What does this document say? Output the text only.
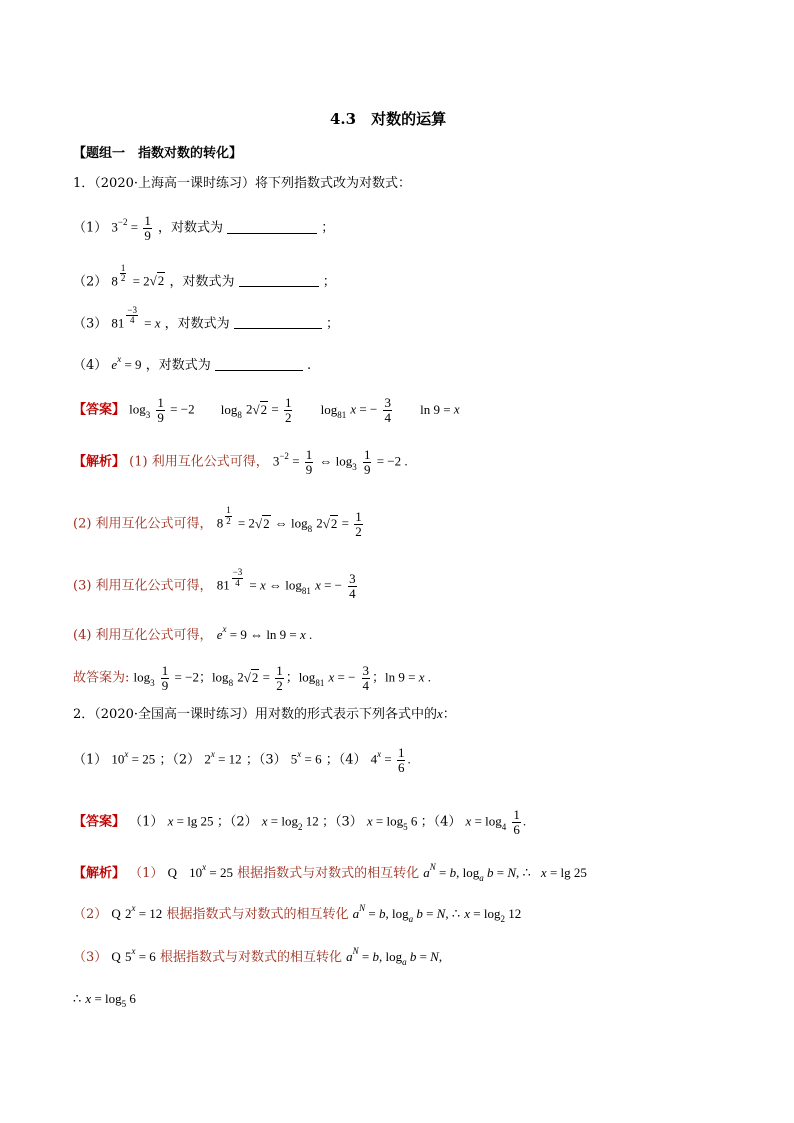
4.3　对数的运算
【题组一　指数对数的转化】
1．（2020·上海高一课时练习）将下列指数式改为对数式：
（1） $3^{-2} = \frac{1}{9}$ ，对数式为	；
（2） $8 \frac{1}{2} = 2√2$ ，对数式为	；
（3） $81 \frac{-3}{4} = x$ ，对数式为	；
（4） $e^x = 9$ ，对数式为	.
【答案】 $\log_3 \frac{1}{9} = -2$ $\log_8 2√2 = \frac{1}{2} \log_{81} x$ = − $\frac{3}{4}$ ln 9 = x
【解析】 (1) 利用互化公式可得， $3^{-2} = \frac{1}{9}$ ⇔ $\log_3 \frac{1}{9} = -2$ .
(2) 利用互化公式可得， $8 \frac{1}{2} = 2√2$ ⇔ $\log_8 2√2 = \frac{1}{2}$
(3) 利用互化公式可得， $81 \frac{-3}{4} = x$ ⇔ $\log_{81} x$ = − $\frac{3}{4}$
(4) 利用互化公式可得， $e^x = 9$ ⇔ ln 9 = x .
故答案为: $\log_3 \frac{1}{9} = -2$；$\log_8 2√2 = \frac{1}{2}$ ；$\log_{81} x$ = − $\frac{3}{4}$ ；ln 9 = x .
2．（2020·全国高一课时练习）用对数的形式表示下列各式中的x：
（1） $10^x = 25$ ；（2） $2^x = 12$ ；（3） $5^x = 6$ ；（4） $4^x = \frac{1}{6}$ .
【答案】 （1） x = lg 25 ；（2） $x = \log_2 12$ ；（3） $x = \log_5 6$ ；（4） $x = \log_4 \frac{1}{6}$ .
【解析】 （1） Q $10^x = 25$ 根据指数式与对数式的相互转化 $a^N = b$, $\log_a b = N$, ∴ x = lg 25
（2） Q $2^x = 12$ 根据指数式与对数式的相互转化 $a^N = b$, $\log_a b = N$, ∴ $x = \log_2 12$
（3） Q $5^x = 6$ 根据指数式与对数式的相互转化 $a^N = b$, $\log_a b = N$,
∴ $x = \log_5 6$
